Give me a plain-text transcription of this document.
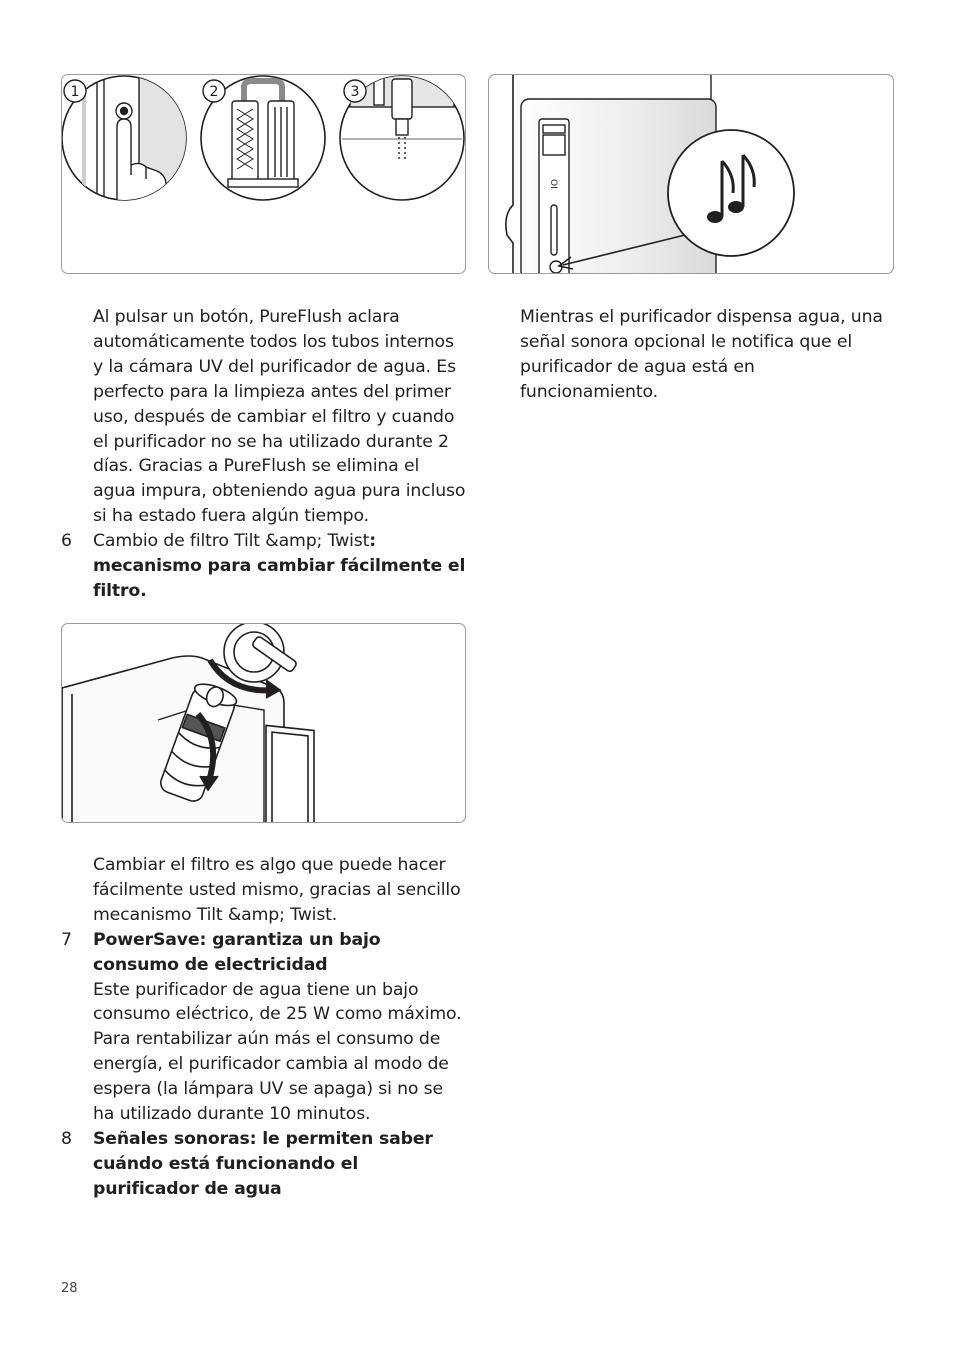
1	2	3
OI

Al pulsar un botón, PureFlush aclara automáticamente todos los tubos internos y la cámara UV del purificador de agua. Es perfecto para la limpieza antes del primer uso, después de cambiar el filtro y cuando el purificador no se ha utilizado durante 2 días. Gracias a PureFlush se elimina el agua impura, obteniendo agua pura incluso si ha estado fuera algún tiempo.

6 Cambio de filtro Tilt &amp; Twist: mecanismo para cambiar fácilmente el filtro.

Cambiar el filtro es algo que puede hacer fácilmente usted mismo, gracias al sencillo mecanismo Tilt &amp; Twist.

7 PowerSave: garantiza un bajo consumo de electricidad
Este purificador de agua tiene un bajo consumo eléctrico, de 25 W como máximo. Para rentabilizar aún más el consumo de energía, el purificador cambia al modo de espera (la lámpara UV se apaga) si no se ha utilizado durante 10 minutos.

8 Señales sonoras: le permiten saber cuándo está funcionando el purificador de agua

Mientras el purificador dispensa agua, una señal sonora opcional le notifica que el purificador de agua está en funcionamiento.

28
